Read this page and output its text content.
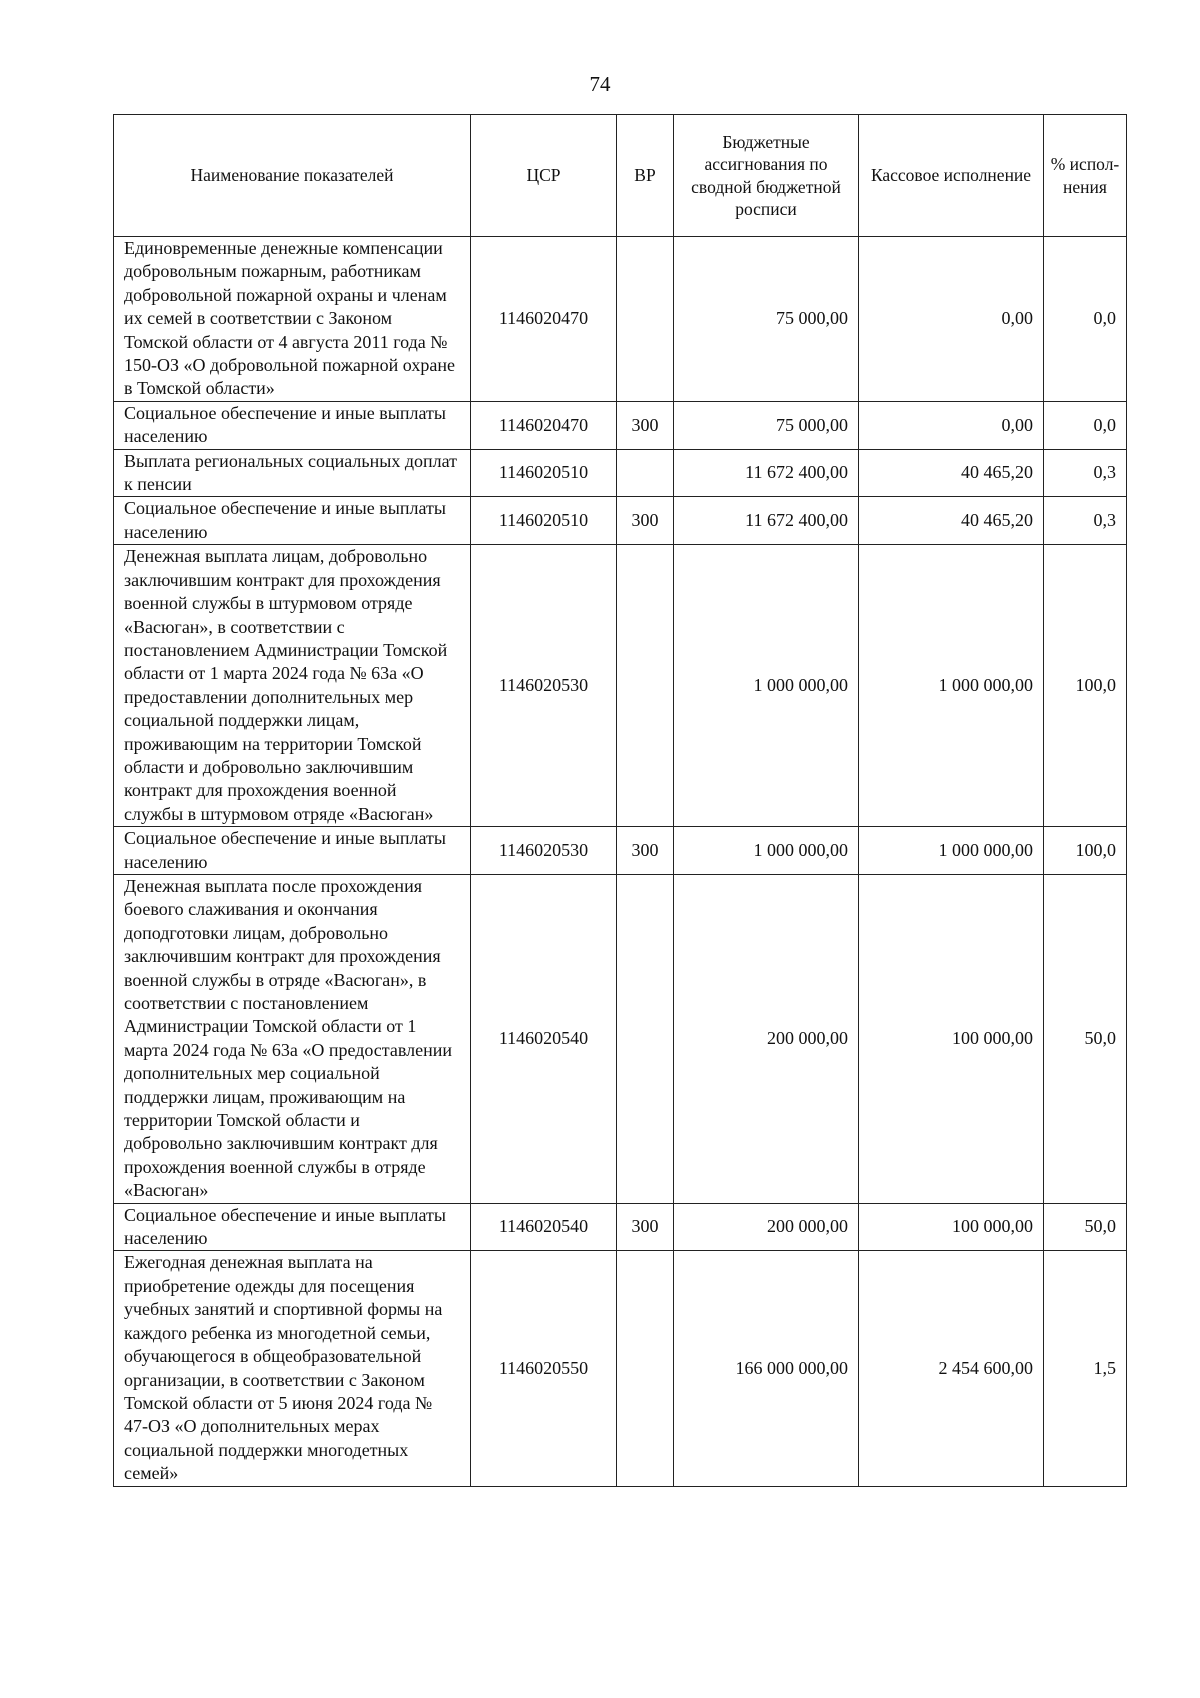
74
Наименование показателей	ЦСР	ВР	Бюджетные ассигнования по сводной бюджетной росписи	Кассовое исполнение	% испол-нения
Единовременные денежные компенсации добровольным пожарным, работникам добровольной пожарной охраны и членам их семей в соответствии с Законом Томской области от 4 августа 2011 года № 150-ОЗ «О добровольной пожарной охране в Томской области»	1146020470		75 000,00	0,00	0,0
Социальное обеспечение и иные выплаты населению	1146020470	300	75 000,00	0,00	0,0
Выплата региональных социальных доплат к пенсии	1146020510		11 672 400,00	40 465,20	0,3
Социальное обеспечение и иные выплаты населению	1146020510	300	11 672 400,00	40 465,20	0,3
Денежная выплата лицам, добровольно заключившим контракт для прохождения военной службы в штурмовом отряде «Васюган», в соответствии с постановлением Администрации Томской области от 1 марта 2024 года № 63а «О предоставлении дополнительных мер социальной поддержки лицам, проживающим на территории Томской области и добровольно заключившим контракт для прохождения военной службы в штурмовом отряде «Васюган»	1146020530		1 000 000,00	1 000 000,00	100,0
Социальное обеспечение и иные выплаты населению	1146020530	300	1 000 000,00	1 000 000,00	100,0
Денежная выплата после прохождения боевого слаживания и окончания доподготовки лицам, добровольно заключившим контракт для прохождения военной службы в отряде «Васюган», в соответствии с постановлением Администрации Томской области от 1 марта 2024 года № 63а «О предоставлении дополнительных мер социальной поддержки лицам, проживающим на территории Томской области и добровольно заключившим контракт для прохождения военной службы в отряде «Васюган»	1146020540		200 000,00	100 000,00	50,0
Социальное обеспечение и иные выплаты населению	1146020540	300	200 000,00	100 000,00	50,0
Ежегодная денежная выплата на приобретение одежды для посещения учебных занятий и спортивной формы на каждого ребенка из многодетной семьи, обучающегося в общеобразовательной организации, в соответствии с Законом Томской области от 5 июня 2024 года № 47-ОЗ «О дополнительных мерах социальной поддержки многодетных семей»	1146020550		166 000 000,00	2 454 600,00	1,5
